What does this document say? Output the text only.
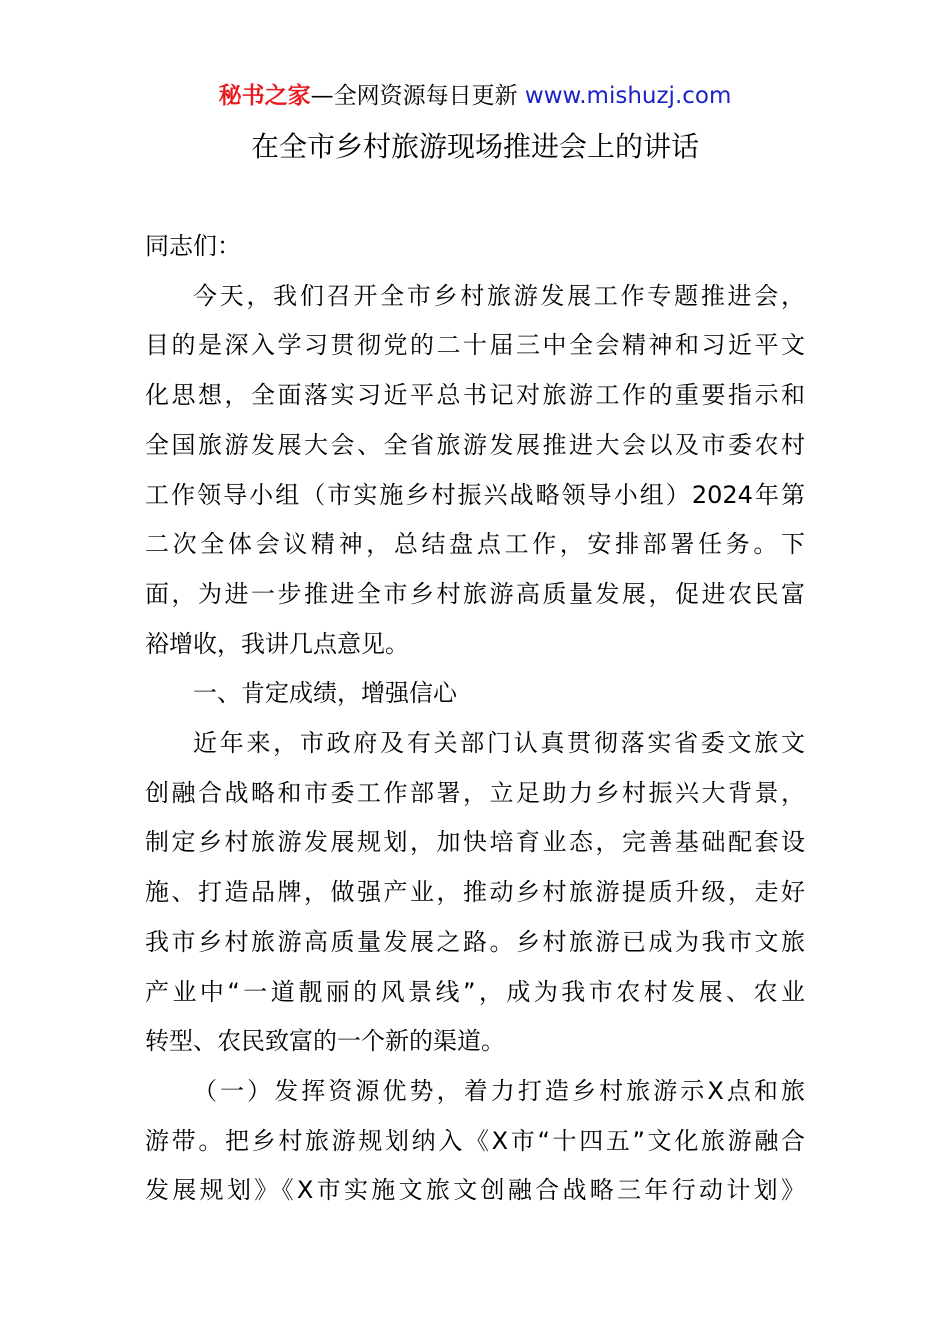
秘书之家—全网资源每日更新 www.mishuzj.com
在全市乡村旅游现场推进会上的讲话

同志们：

今天，我们召开全市乡村旅游发展工作专题推进会，
目的是深入学习贯彻党的二十届三中全会精神和习近平文
化思想，全面落实习近平总书记对旅游工作的重要指示和
全国旅游发展大会、全省旅游发展推进大会以及市委农村
工作领导小组（市实施乡村振兴战略领导小组）2024年第
二次全体会议精神，总结盘点工作，安排部署任务。下
面，为进一步推进全市乡村旅游高质量发展，促进农民富
裕增收，我讲几点意见。

一、肯定成绩，增强信心

近年来，市政府及有关部门认真贯彻落实省委文旅文
创融合战略和市委工作部署，立足助力乡村振兴大背景，
制定乡村旅游发展规划，加快培育业态，完善基础配套设
施、打造品牌，做强产业，推动乡村旅游提质升级，走好
我市乡村旅游高质量发展之路。乡村旅游已成为我市文旅
产业中“一道靓丽的风景线”，成为我市农村发展、农业
转型、农民致富的一个新的渠道。

（一）发挥资源优势，着力打造乡村旅游示X点和旅
游带。把乡村旅游规划纳入《X市“十四五”文化旅游融合
发展规划》《X市实施文旅文创融合战略三年行动计划》
